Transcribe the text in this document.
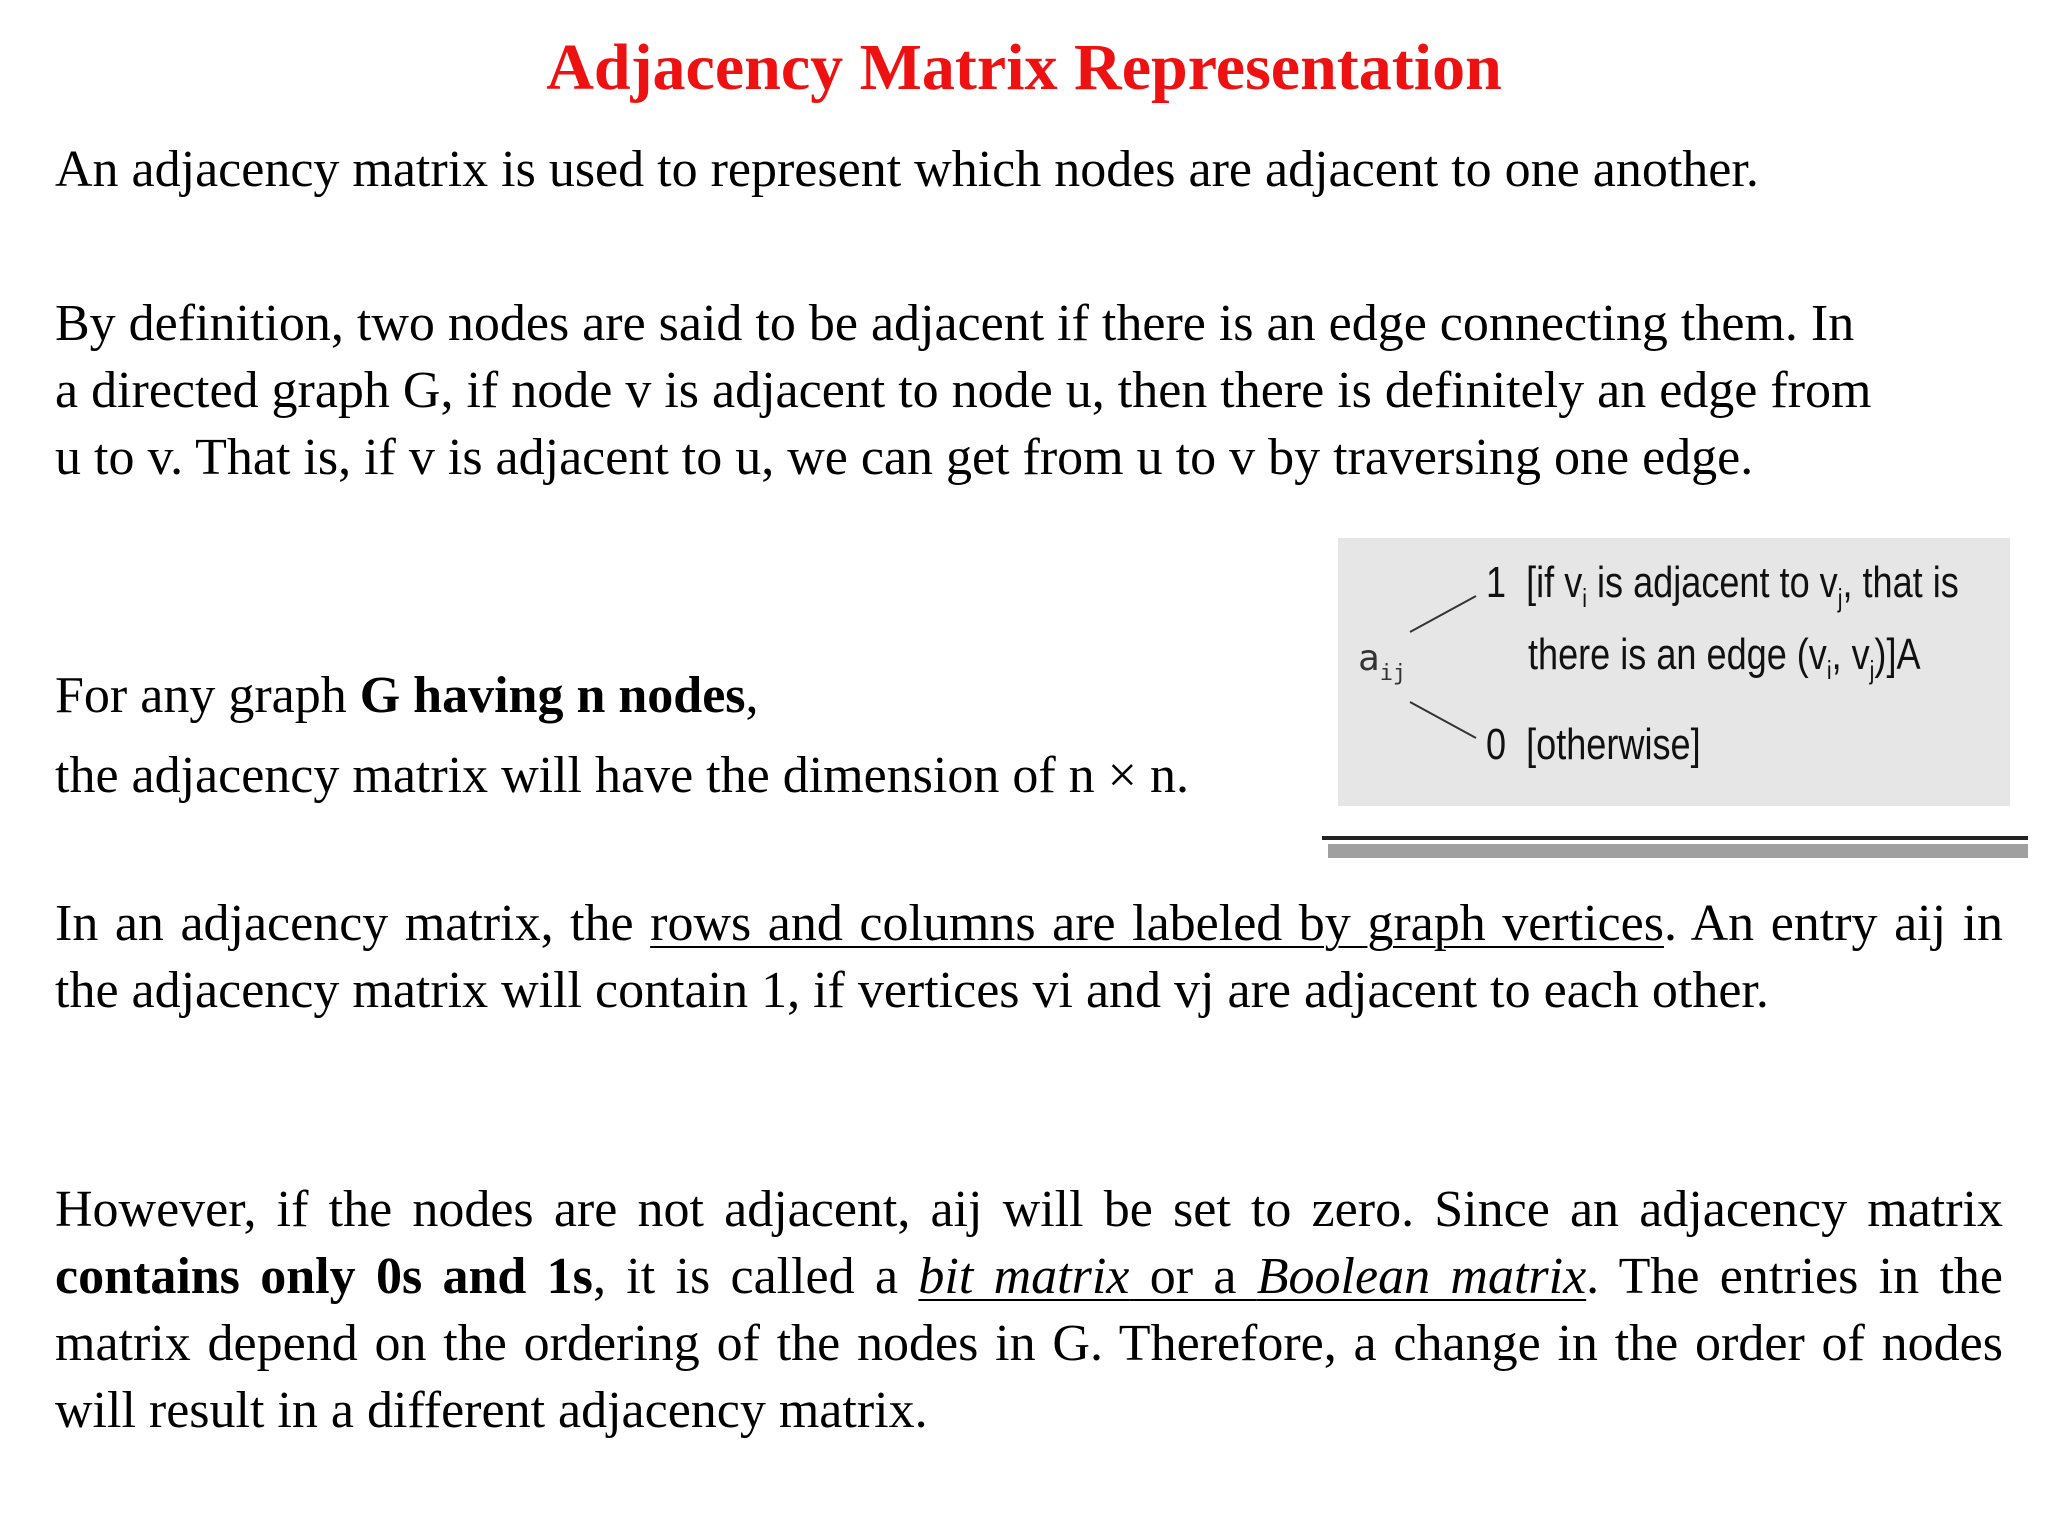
Adjacency Matrix Representation

An adjacency matrix is used to represent which nodes are adjacent to one another.

By definition, two nodes are said to be adjacent if there is an edge connecting them. In
a directed graph G, if node v is adjacent to node u, then there is definitely an edge from
u to v. That is, if v is adjacent to u, we can get from u to v by traversing one edge.
For any graph G having n nodes,
the adjacency matrix will have the dimension of n × n.
$a_{ij}$
1 [if $v_i$ is adjacent to $v_j$, that is
there is an edge ($v_i$, $v_j)]A$
0 [otherwise]

In an adjacency matrix, the rows and columns are labeled by graph vertices. An entry aij in the adjacency matrix will contain 1, if vertices vi and vj are adjacent to each other.

However, if the nodes are not adjacent, aij will be set to zero. Since an adjacency matrix contains only 0s and 1s, it is called a bit matrix or a Boolean matrix. The entries in the matrix depend on the ordering of the nodes in G. Therefore, a change in the order of nodes will result in a different adjacency matrix.
